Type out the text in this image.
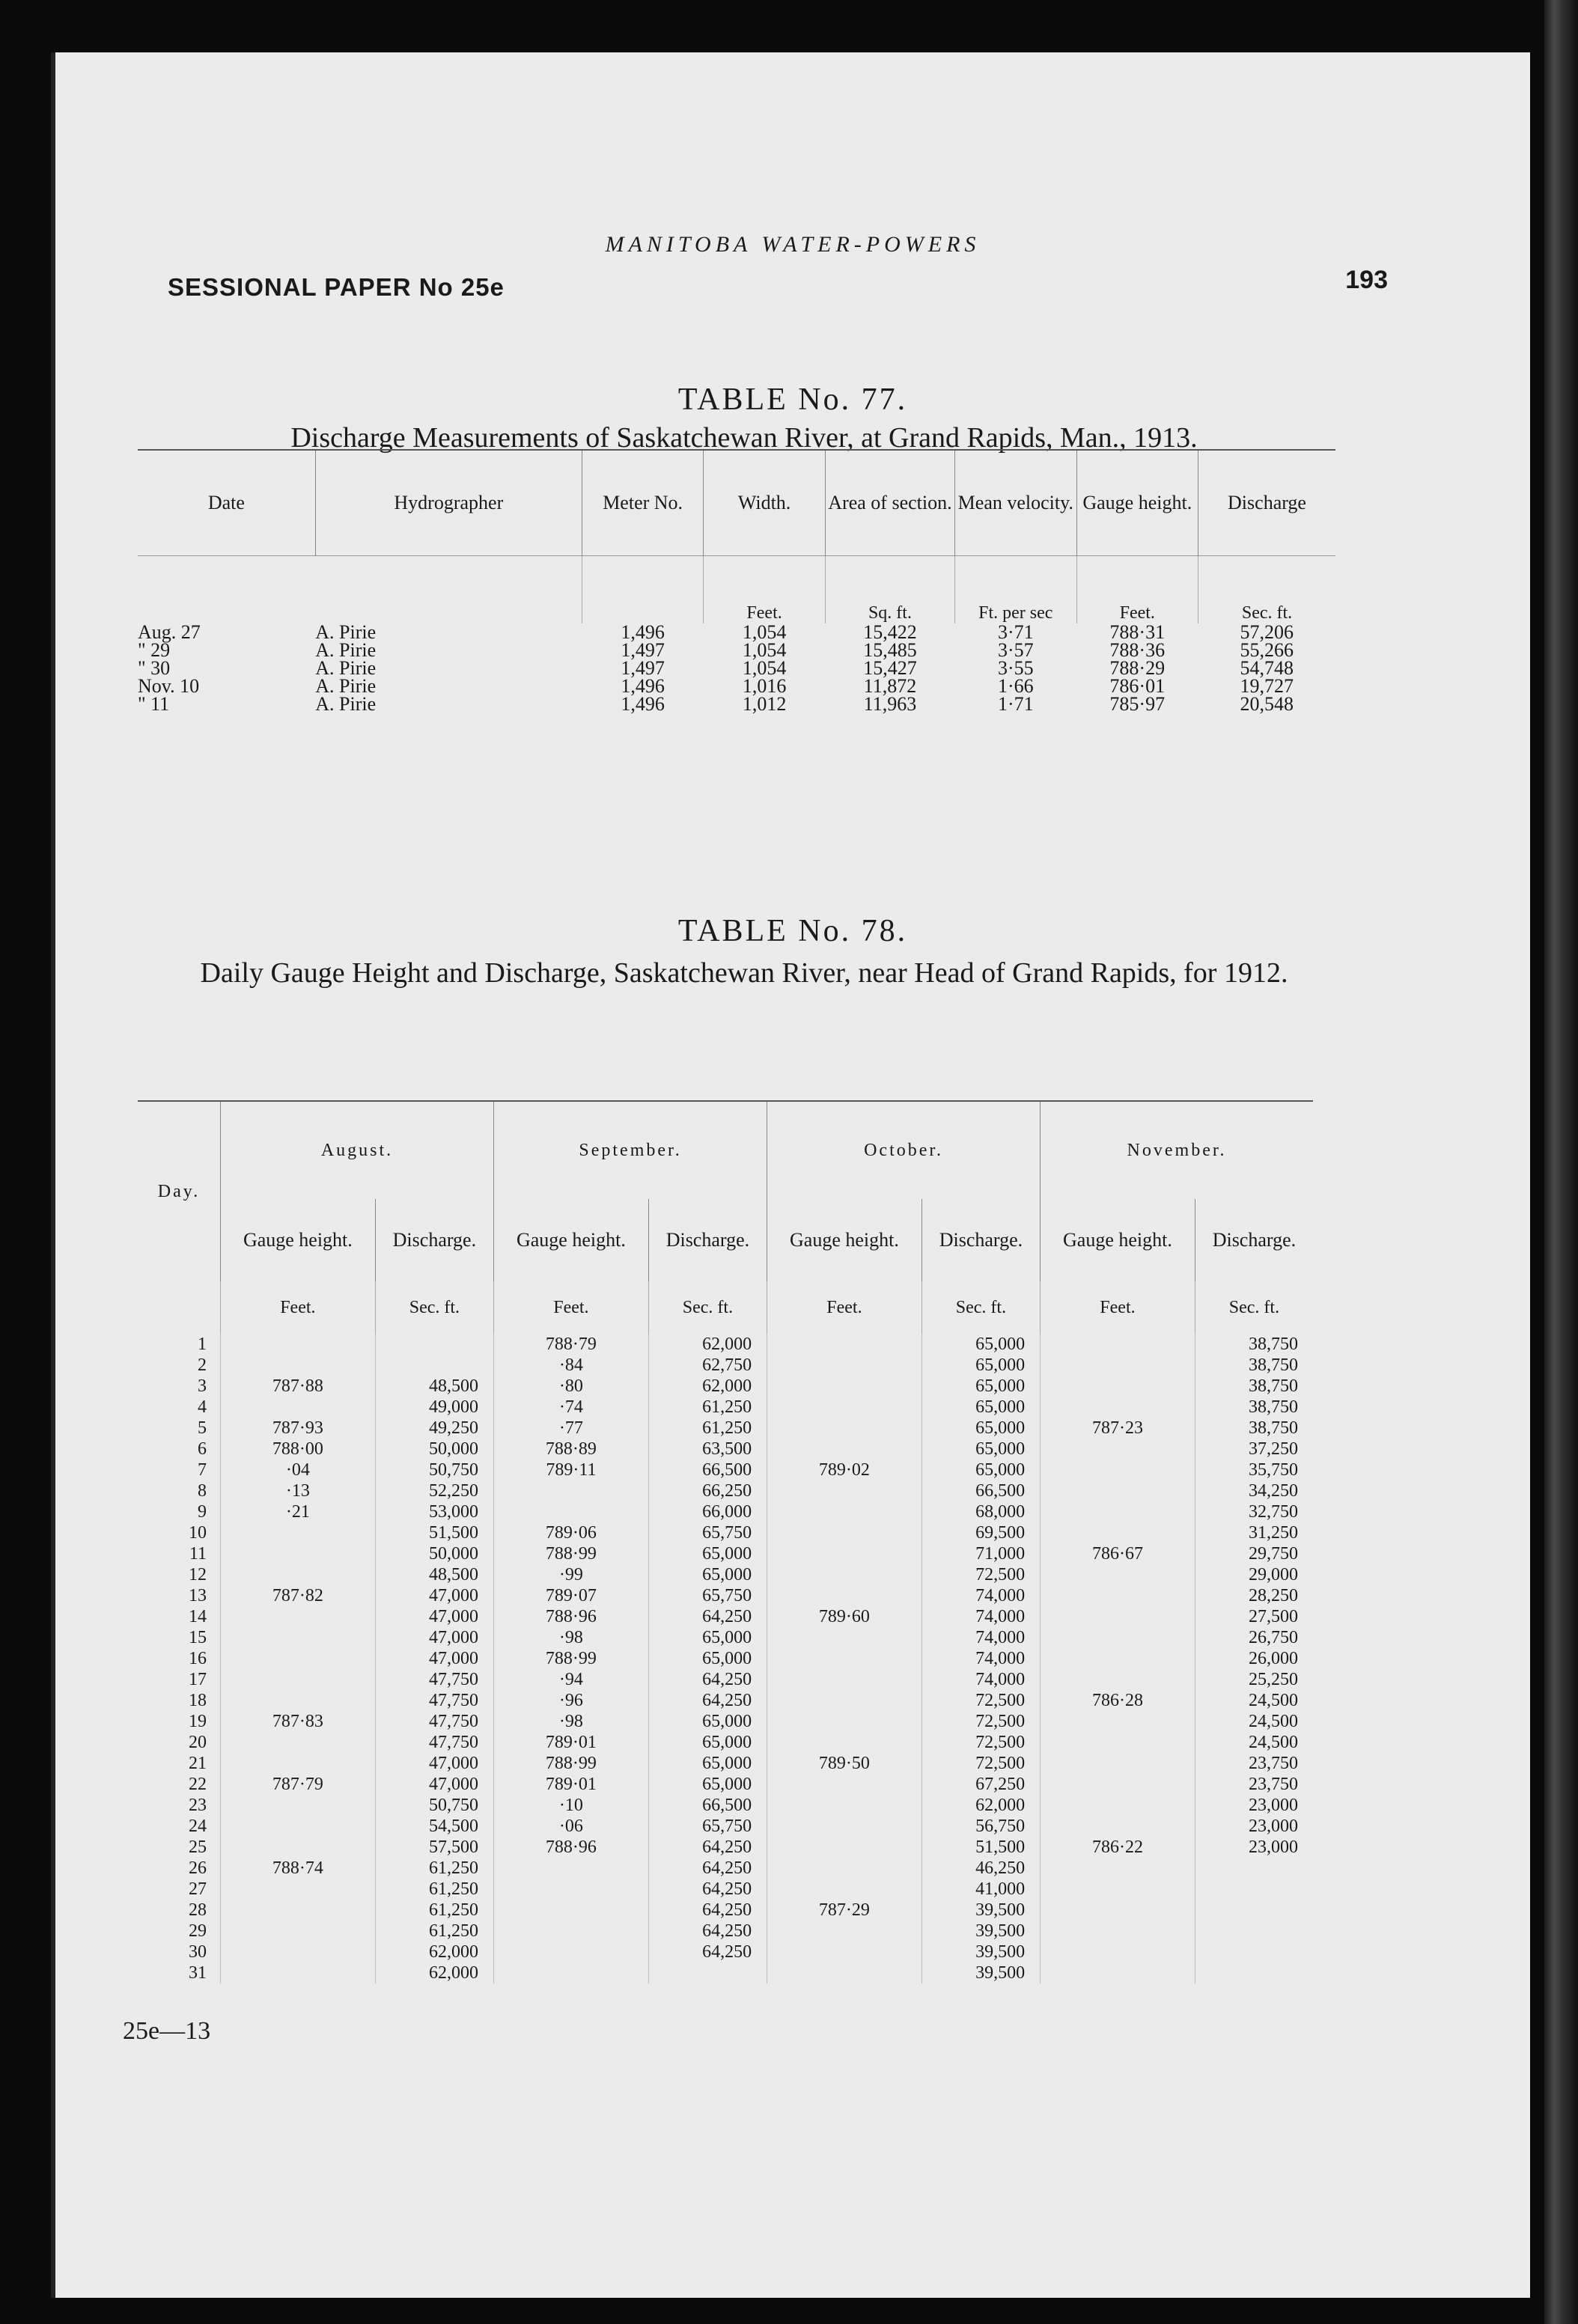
MANITOBA WATER-POWERS
SESSIONAL PAPER No 25e	193
TABLE No. 77.
Discharge Measurements of Saskatchewan River, at Grand Rapids, Man., 1913.
Date	Hydrographer	Meter No.	Width.	Area of section.	Mean velocity.	Gauge height.	Discharge
			Feet.	Sq. ft.	Ft. per sec	Feet.	Sec. ft.
Aug. 27	A. Pirie	1,496	1,054	15,422	3·71	788·31	57,206
" 29	A. Pirie	1,497	1,054	15,485	3·57	788·36	55,266
" 30	A. Pirie	1,497	1,054	15,427	3·55	788·29	54,748
Nov. 10	A. Pirie	1,496	1,016	11,872	1·66	786·01	19,727
" 11	A. Pirie	1,496	1,012	11,963	1·71	785·97	20,548
TABLE No. 78.
Daily Gauge Height and Discharge, Saskatchewan River, near Head of Grand Rapids, for 1912.
Day.	August.		September.		October.		November.	
	Gauge height.	Discharge.	Gauge height.	Discharge.	Gauge height.	Discharge.	Gauge height.	Discharge.
	Feet.	Sec. ft.	Feet.	Sec. ft.	Feet.	Sec. ft.	Feet.	Sec. ft.
1			788·79	62,000		65,000		38,750
2			·84	62,750		65,000		38,750
3	787·88	48,500	·80	62,000		65,000		38,750
4		49,000	·74	61,250		65,000		38,750
5	787·93	49,250	·77	61,250		65,000	787·23	38,750
6	788·00	50,000	788·89	63,500		65,000		37,250
7	·04	50,750	789·11	66,500	789·02	65,000		35,750
8	·13	52,250		66,250		66,500		34,250
9	·21	53,000		66,000		68,000		32,750
10		51,500	789·06	65,750		69,500		31,250
11		50,000	788·99	65,000		71,000	786·67	29,750
12		48,500	·99	65,000		72,500		29,000
13	787·82	47,000	789·07	65,750		74,000		28,250
14		47,000	788·96	64,250	789·60	74,000		27,500
15		47,000	·98	65,000		74,000		26,750
16		47,000	788·99	65,000		74,000		26,000
17		47,750	·94	64,250		74,000		25,250
18		47,750	·96	64,250		72,500	786·28	24,500
19	787·83	47,750	·98	65,000		72,500		24,500
20		47,750	789·01	65,000		72,500		24,500
21		47,000	788·99	65,000	789·50	72,500		23,750
22	787·79	47,000	789·01	65,000		67,250		23,750
23		50,750	·10	66,500		62,000		23,000
24		54,500	·06	65,750		56,750		23,000
25		57,500	788·96	64,250		51,500	786·22	23,000
26	788·74	61,250		64,250		46,250		
27		61,250		64,250		41,000		
28		61,250		64,250	787·29	39,500		
29		61,250		64,250		39,500		
30		62,000		64,250		39,500		
31		62,000				39,500		
25e—13
